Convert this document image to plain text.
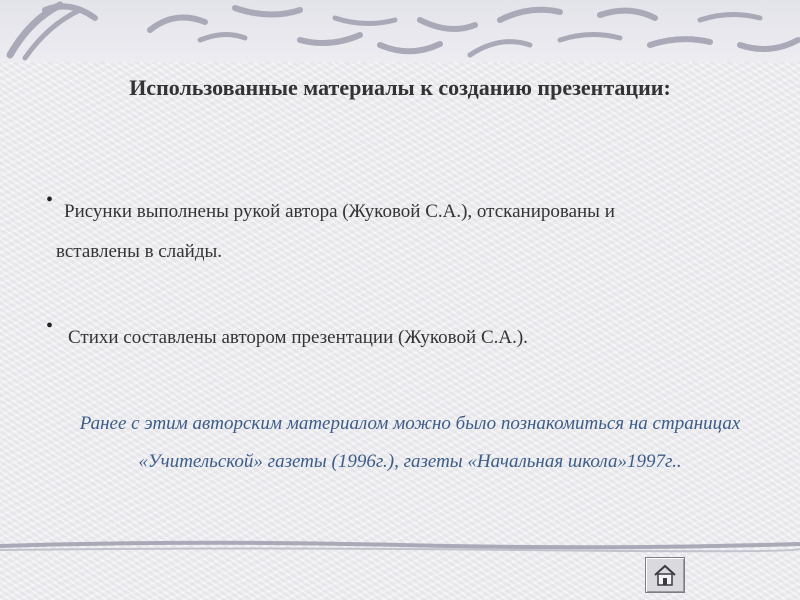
Использованные материалы к созданию презентации:
•
Рисунки выполнены рукой автора (Жуковой С.А.), отсканированы и
вставлены в слайды.
•
Стихи составлены автором презентации (Жуковой С.А.).
Ранее с этим авторским материалом можно было познакомиться на страницах «Учительской» газеты (1996г.), газеты «Начальная школа»1997г..
